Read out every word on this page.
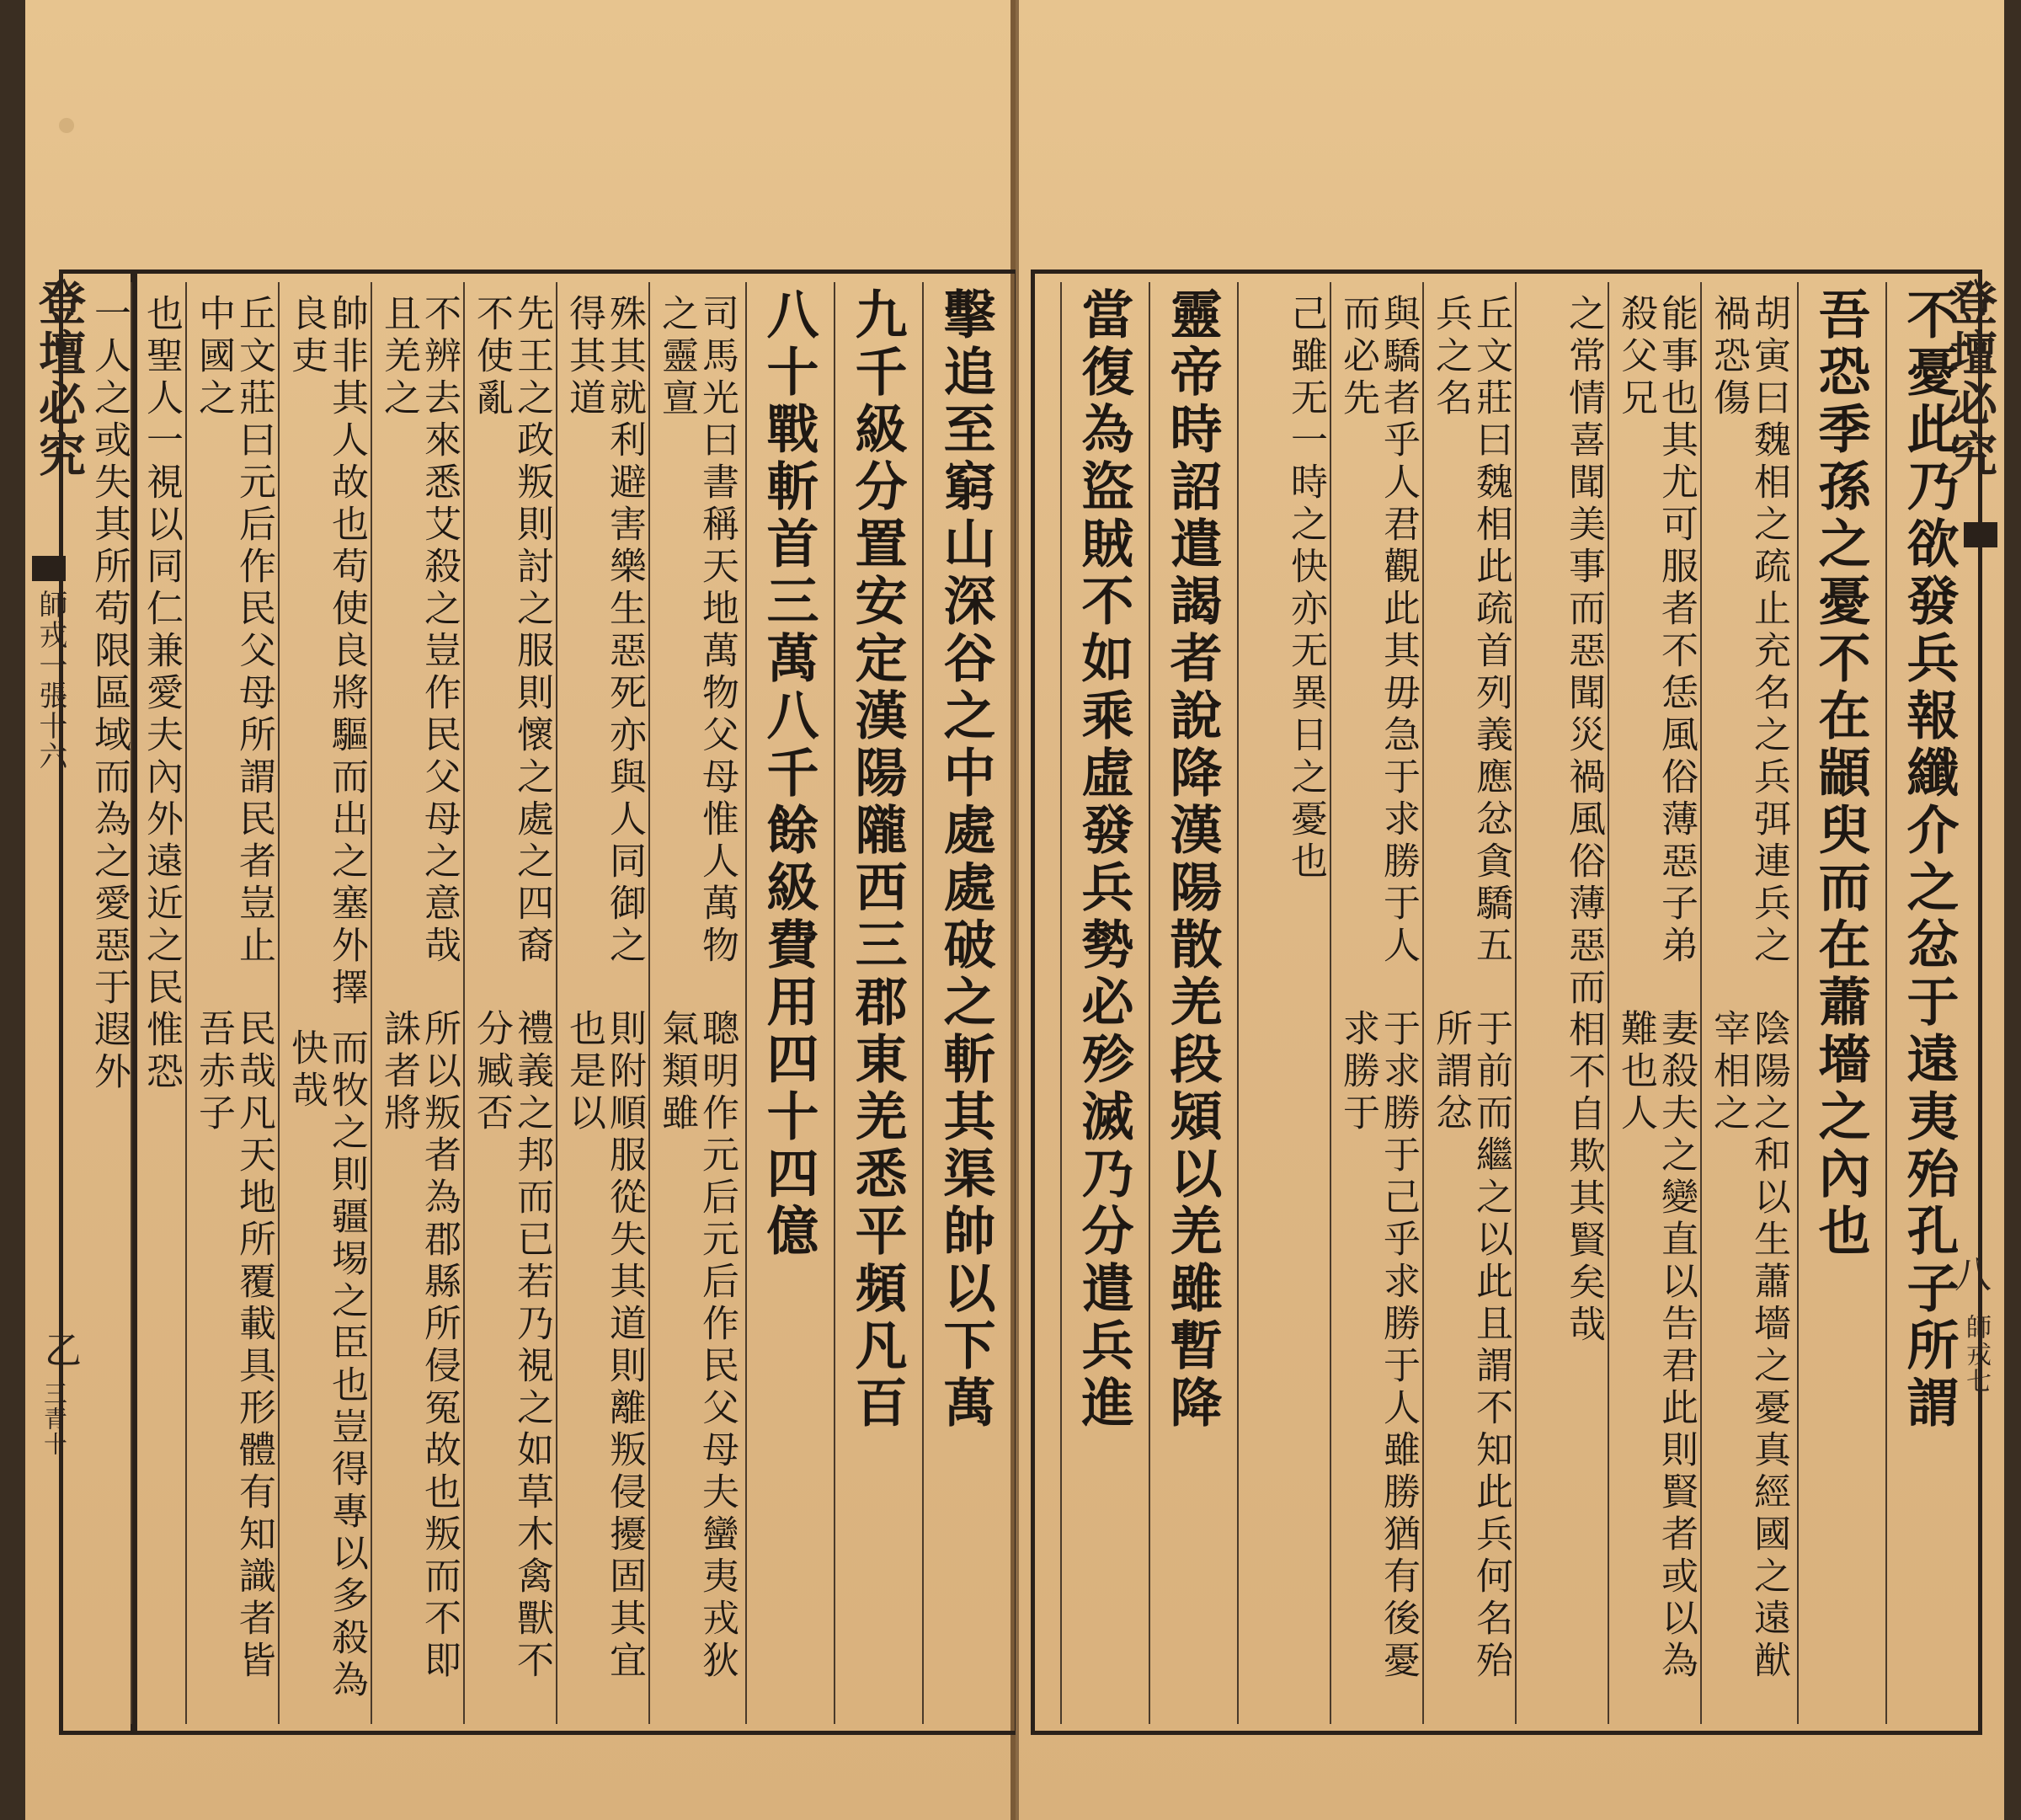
擊追至窮山深谷之中處處破之斬其渠帥以下萬
九千級分置安定漢陽隴西三郡東羌悉平頻凡百
八十戰斬首三萬八千餘級費用四十四億
司馬光曰書稱天地萬物父母惟人萬物之靈亶
聰明作元后元后作民父母夫蠻夷戎狄氣類雖
殊其就利避害樂生惡死亦與人同御之得其道
則附順服從失其道則離叛侵擾固其宜也是以
先王之政叛則討之服則懷之處之四裔不使亂
禮義之邦而已若乃視之如草木禽獸不分臧否
不辨去來悉艾殺之豈作民父母之意哉且羌之
所以叛者為郡縣所侵冤故也叛而不即誅者將
帥非其人故也苟使良將驅而出之塞外擇良吏
而牧之則疆埸之臣也豈得專以多殺為快哉
丘文莊曰元后作民父母所謂民者豈止中國之
民哉凡天地所覆載具形體有知識者皆吾赤子
也聖人一視以同仁兼愛夫內外遠近之民惟恐
一人之或失其所苟限區域而為之愛惡于遐外
登壇必究
師戎一張十六
乙
三青十	不憂此乃欲發兵報纖介之忿于遠夷殆孔子所謂
吾恐季孫之憂不在顓臾而在蕭墻之內也
胡寅曰魏相之疏止充名之兵弭連兵之禍恐傷
陰陽之和以生蕭墻之憂真經國之遠猷宰相之
能事也其尤可服者不恁風俗薄惡子弟殺父兄
妻殺夫之變直以告君此則賢者或以為難也人
之常情喜聞美事而惡聞災禍風俗薄惡而相不
自欺其賢矣哉
丘文莊曰魏相此疏首列義應忿貪驕五兵之名
于前而繼之以此且謂不知此兵何名殆所謂忿
與驕者乎人君觀此其毋急于求勝于人而必先
于求勝于己乎求勝于人雖勝猶有後憂求勝于
己雖无一時之快
亦无異日之憂也
靈帝時詔遣謁者說降漢陽散羌段熲以羌雖暫降
當復為盜賊不如乘虛發兵勢必殄滅乃分遣兵進	登壇必究
八
師戎七
